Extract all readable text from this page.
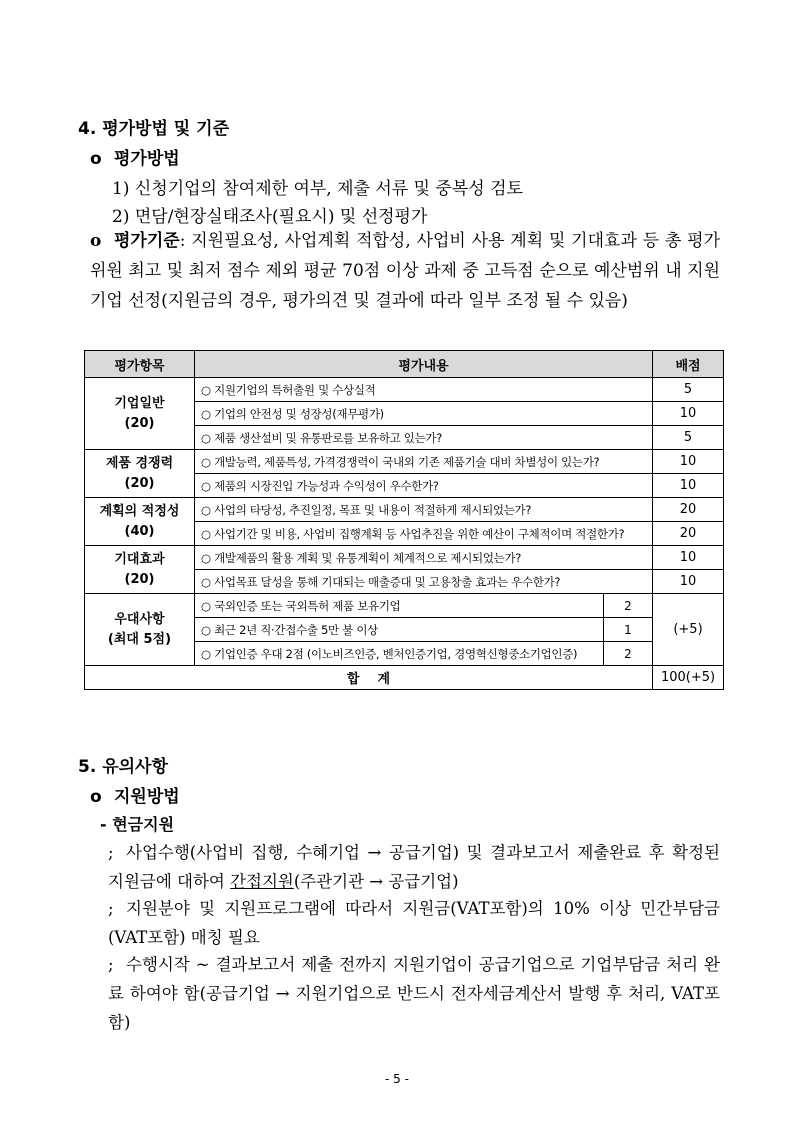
4. 평가방법 및 기준
o 평가방법
1) 신청기업의 참여제한 여부, 제출 서류 및 중복성 검토
2) 면담/현장실태조사(필요시) 및 선정평가
o 평가기준: 지원필요성, 사업계획 적합성, 사업비 사용 계획 및 기대효과 등 총 평가위원 최고 및 최저 점수 제외 평균 70점 이상 과제 중 고득점 순으로 예산범위 내 지원기업 선정(지원금의 경우, 평가의견 및 결과에 따라 일부 조정 될 수 있음)
평가항목	평가내용		배점
기업일반
(20)	○ 지원기업의 특허출원 및 수상실적		5
	○ 기업의 안전성 및 성장성(재무평가)		10
	○ 제품 생산설비 및 유통판로를 보유하고 있는가?		5
제품 경쟁력
(20)	○ 개발능력, 제품특성, 가격경쟁력이 국내외 기존 제품기술 대비 차별성이 있는가?		10
	○ 제품의 시장진입 가능성과 수익성이 우수한가?		10
계획의 적정성
(40)	○ 사업의 타당성, 추진일정, 목표 및 내용이 적절하게 제시되었는가?		20
	○ 사업기간 및 비용, 사업비 집행계획 등 사업추진을 위한 예산이 구체적이며 적절한가?		20
기대효과
(20)	○ 개발제품의 활용 계획 및 유통계획이 체계적으로 제시되었는가?		10
	○ 사업목표 달성을 통해 기대되는 매출증대 및 고용창출 효과는 우수한가?		10
우대사항
(최대 5점)	○ 국외인증 또는 국외특허 제품 보유기업	2	(+5)
	○ 최근 2년 직·간접수출 5만 불 이상	1	
	○ 기업인증 우대 2점 (이노비즈인증, 벤처인증기업, 경영혁신형중소기업인증)	2	
합    계			100(+5)
5. 유의사항
o 지원방법
- 현금지원
; 사업수행(사업비 집행, 수혜기업 → 공급기업) 및 결과보고서 제출완료 후 확정된 지원금에 대하여 간접지원(주관기관 → 공급기업)
; 지원분야 및 지원프로그램에 따라서 지원금(VAT포함)의 10% 이상 민간부담금(VAT포함) 매칭 필요
; 수행시작 ~ 결과보고서 제출 전까지 지원기업이 공급기업으로 기업부담금 처리 완료 하여야 함(공급기업 → 지원기업으로 반드시 전자세금계산서 발행 후 처리, VAT포함)
- 5 -
